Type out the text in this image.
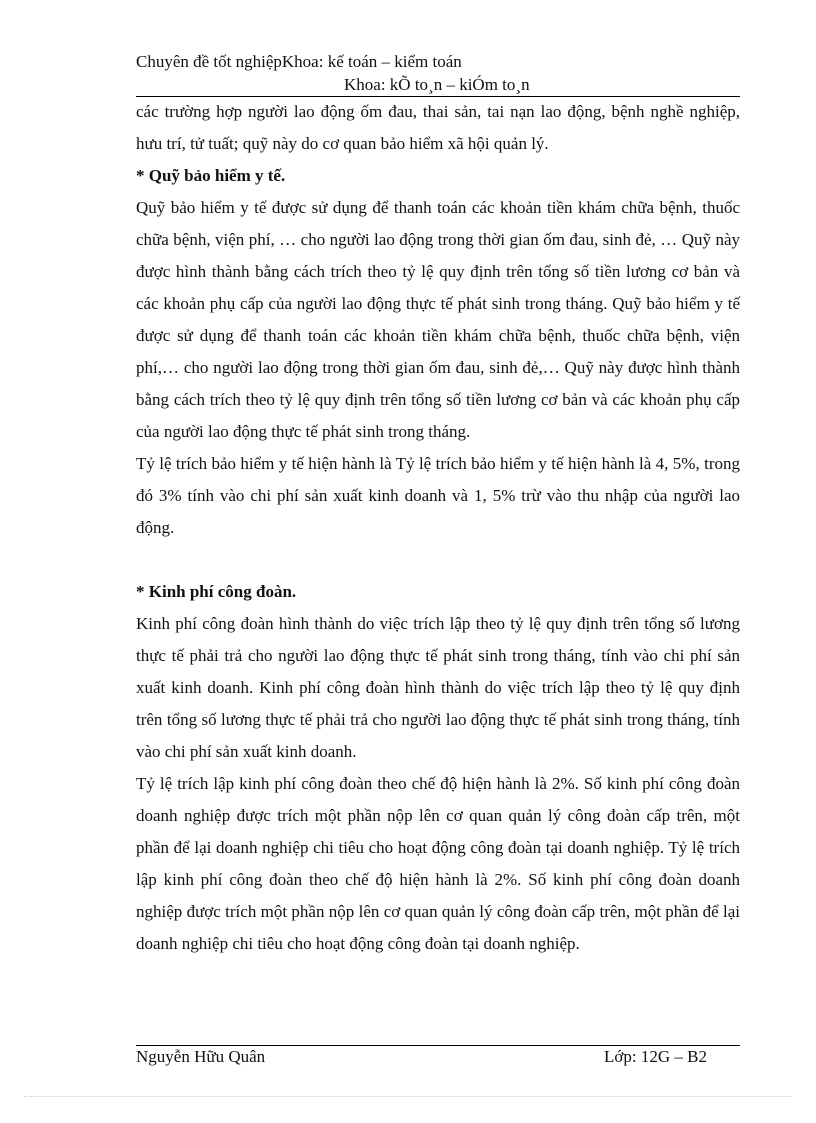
Chuyên đề tốt nghiệpKhoa: kế toán – kiểm toán
Khoa: kÕ to¸n – kiÓm to¸n

các trường hợp người lao động ốm đau, thai sản, tai nạn lao động, bệnh nghề nghiệp, hưu trí, tử tuất; quỹ này do cơ quan bảo hiểm xã hội quản lý.

* Quỹ bảo hiểm y tế.

Quỹ bảo hiểm y tế được sử dụng để thanh toán các khoản tiền khám chữa bệnh, thuốc chữa bệnh, viện phí, … cho người lao động trong thời gian ốm đau, sinh đẻ, … Quỹ này được hình thành bằng cách trích theo tỷ lệ quy định trên tổng số tiền lương cơ bản và các khoản phụ cấp của người lao động thực tế phát sinh trong tháng. Quỹ bảo hiểm y tế được sử dụng để thanh toán các khoản tiền khám chữa bệnh, thuốc chữa bệnh, viện phí,… cho người lao động trong thời gian ốm đau, sinh đẻ,… Quỹ này được hình thành bằng cách trích theo tỷ lệ quy định trên tổng số tiền lương cơ bản và các khoản phụ cấp của người lao động thực tế phát sinh trong tháng.

Tỷ lệ trích bảo hiểm y tế hiện hành là Tỷ lệ trích bảo hiểm y tế hiện hành là 4, 5%, trong đó 3% tính vào chi phí sản xuất kinh doanh và 1, 5% trừ vào thu nhập của người lao động.

* Kinh phí công đoàn.

Kinh phí công đoàn hình thành do việc trích lập theo tỷ lệ quy định trên tổng số lương thực tế phải trả cho người lao động thực tế phát sinh trong tháng, tính vào chi phí sản xuất kinh doanh. Kinh phí công đoàn hình thành do việc trích lập theo tỷ lệ quy định trên tổng số lương thực tế phải trả cho người lao động thực tế phát sinh trong tháng, tính vào chi phí sản xuất kinh doanh.

Tỷ lệ trích lập kinh phí công đoàn theo chế độ hiện hành là 2%. Số kinh phí công đoàn doanh nghiệp được trích một phần nộp lên cơ quan quản lý công đoàn cấp trên, một phần để lại doanh nghiệp chi tiêu cho hoạt động công đoàn tại doanh nghiệp. Tỷ lệ trích lập kinh phí công đoàn theo chế độ hiện hành là 2%. Số kinh phí công đoàn doanh nghiệp được trích một phần nộp lên cơ quan quản lý công đoàn cấp trên, một phần để lại doanh nghiệp chi tiêu cho hoạt động công đoàn tại doanh nghiệp.

Nguyễn Hữu Quân	Lớp: 12G – B2
